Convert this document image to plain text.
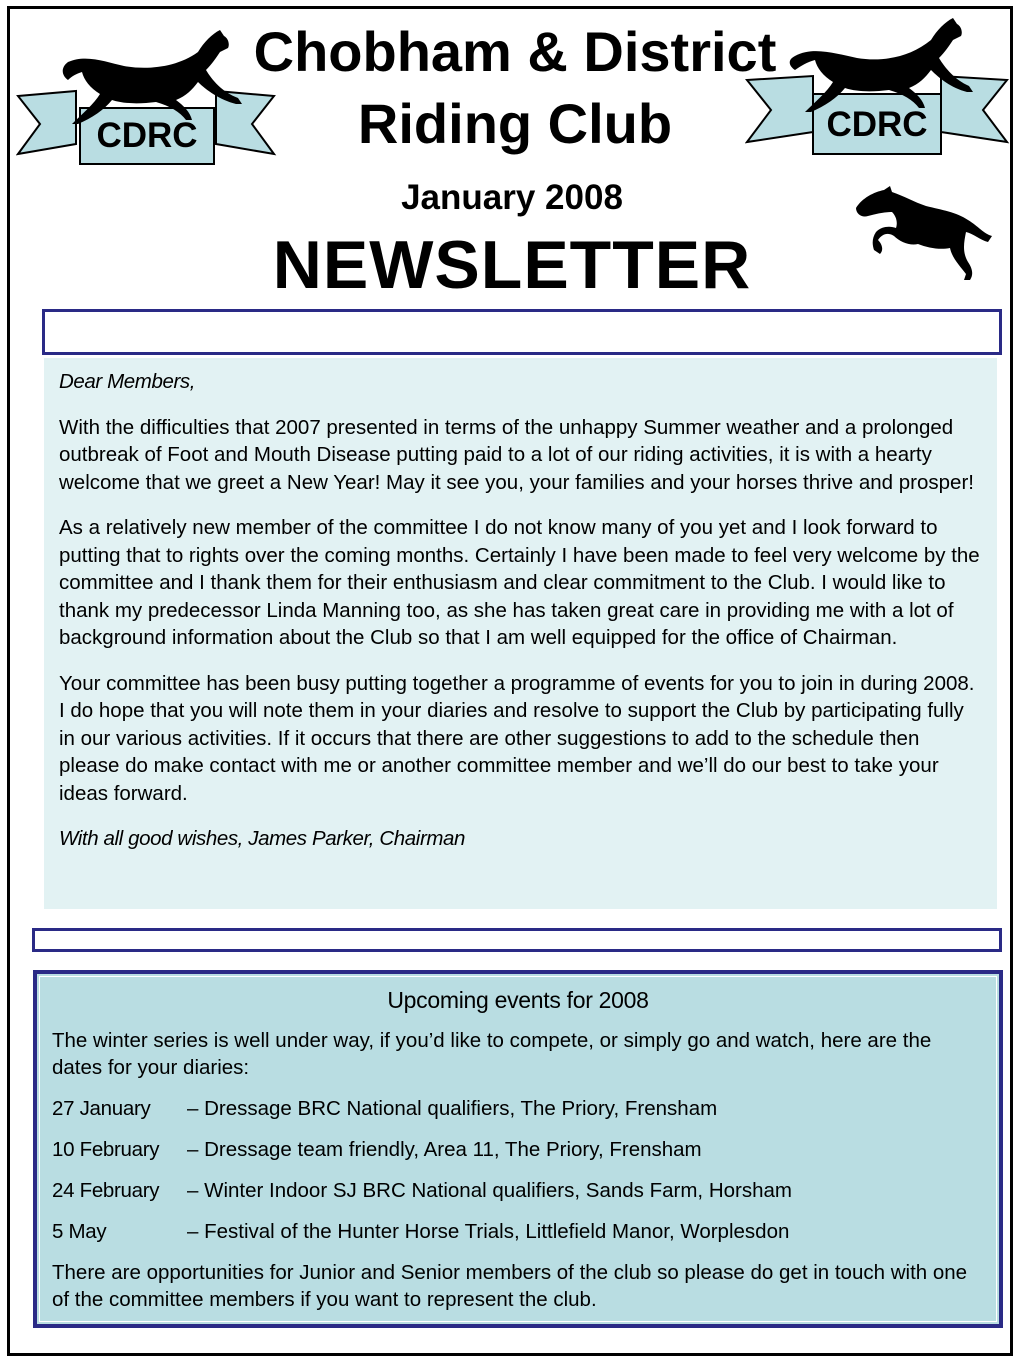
CDRC	CDRC
Chobham & District
Riding Club
January 2008
NEWSLETTER

Dear Members,

With the difficulties that 2007 presented in terms of the unhappy Summer weather and a prolonged outbreak of Foot and Mouth Disease putting paid to a lot of our riding activities, it is with a hearty welcome that we greet a New Year! May it see you, your families and your horses thrive and prosper!

As a relatively new member of the committee I do not know many of you yet and I look forward to putting that to rights over the coming months. Certainly I have been made to feel very welcome by the committee and I thank them for their enthusiasm and clear commitment to the Club. I would like to thank my predecessor Linda Manning too, as she has taken great care in providing me with a lot of background information about the Club so that I am well equipped for the office of Chairman.

Your committee has been busy putting together a programme of events for you to join in during 2008. I do hope that you will note them in your diaries and resolve to support the Club by participating fully in our various activities. If it occurs that there are other suggestions to add to the schedule then please do make contact with me or another committee member and we’ll do our best to take your ideas forward.

With all good wishes, James Parker, Chairman

Upcoming events for 2008

The winter series is well under way, if you’d like to compete, or simply go and watch, here are the dates for your diaries:

27 January	– Dressage BRC National qualifiers, The Priory, Frensham
10 February	– Dressage team friendly, Area 11, The Priory, Frensham
24 February	– Winter Indoor SJ BRC National qualifiers, Sands Farm, Horsham
5 May	– Festival of the Hunter Horse Trials, Littlefield Manor, Worplesdon

There are opportunities for Junior and Senior members of the club so please do get in touch with one of the committee members if you want to represent the club.
